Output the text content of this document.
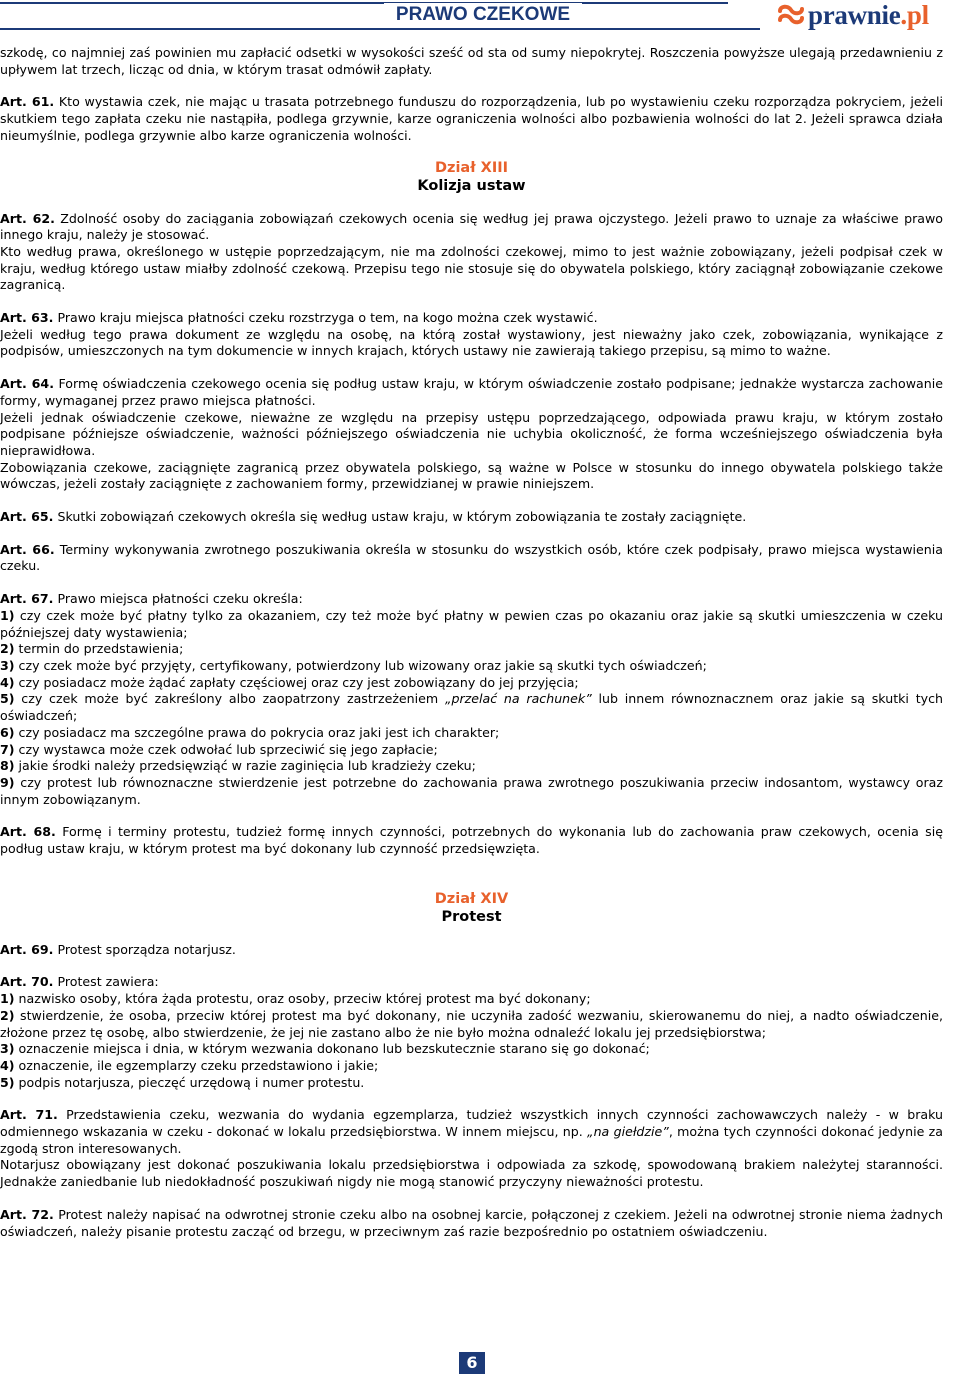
PRAWO CZEKOWE	prawnie.pl

szkodę, co najmniej zaś powinien mu zapłacić odsetki w wysokości sześć od sta od sumy niepokrytej. Roszczenia powyższe ulegają przedawnieniu z upływem lat trzech, licząc od dnia, w którym trasat odmówił zapłaty.

Art. 61. Kto wystawia czek, nie mając u trasata potrzebnego funduszu do rozporządzenia, lub po wystawieniu czeku rozporządza pokryciem, jeżeli skutkiem tego zapłata czeku nie nastąpiła, podlega grzywnie, karze ograniczenia wolności albo pozbawienia wolności do lat 2. Jeżeli sprawca działa nieumyślnie, podlega grzywnie albo karze ograniczenia wolności.

Dział XIII
Kolizja ustaw

Art. 62. Zdolność osoby do zaciągania zobowiązań czekowych ocenia się według jej prawa ojczystego. Jeżeli prawo to uznaje za właściwe prawo innego kraju, należy je stosować.

Kto według prawa, określonego w ustępie poprzedzającym, nie ma zdolności czekowej, mimo to jest ważnie zobowiązany, jeżeli podpisał czek w kraju, według którego ustaw miałby zdolność czekową. Przepisu tego nie stosuje się do obywatela polskiego, który zaciągnął zobowiązanie czekowe zagranicą.

Art. 63. Prawo kraju miejsca płatności czeku rozstrzyga o tem, na kogo można czek wystawić.

Jeżeli według tego prawa dokument ze względu na osobę, na którą został wystawiony, jest nieważny jako czek, zobowiązania, wynikające z podpisów, umieszczonych na tym dokumencie w innych krajach, których ustawy nie zawierają takiego przepisu, są mimo to ważne.

Art. 64. Formę oświadczenia czekowego ocenia się podług ustaw kraju, w którym oświadczenie zostało podpisane; jednakże wystarcza zachowanie formy, wymaganej przez prawo miejsca płatności.

Jeżeli jednak oświadczenie czekowe, nieważne ze względu na przepisy ustępu poprzedzającego, odpowiada prawu kraju, w którym zostało podpisane późniejsze oświadczenie, ważności późniejszego oświadczenia nie uchybia okoliczność, że forma wcześniejszego oświadczenia była nieprawidłowa.

Zobowiązania czekowe, zaciągnięte zagranicą przez obywatela polskiego, są ważne w Polsce w stosunku do innego obywatela polskiego także wówczas, jeżeli zostały zaciągnięte z zachowaniem formy, przewidzianej w prawie niniejszem.

Art. 65. Skutki zobowiązań czekowych określa się według ustaw kraju, w którym zobowiązania te zostały zaciągnięte.

Art. 66. Terminy wykonywania zwrotnego poszukiwania określa w stosunku do wszystkich osób, które czek podpisały, prawo miejsca wystawienia czeku.

Art. 67. Prawo miejsca płatności czeku określa:

1) czy czek może być płatny tylko za okazaniem, czy też może być płatny w pewien czas po okazaniu oraz jakie są skutki umieszczenia w czeku późniejszej daty wystawienia;

2) termin do przedstawienia;

3) czy czek może być przyjęty, certyfikowany, potwierdzony lub wizowany oraz jakie są skutki tych oświadczeń;

4) czy posiadacz może żądać zapłaty częściowej oraz czy jest zobowiązany do jej przyjęcia;

5) czy czek może być zakreślony albo zaopatrzony zastrzeżeniem „przelać na rachunek” lub innem równoznacznem oraz jakie są skutki tych oświadczeń;

6) czy posiadacz ma szczególne prawa do pokrycia oraz jaki jest ich charakter;

7) czy wystawca może czek odwołać lub sprzeciwić się jego zapłacie;

8) jakie środki należy przedsięwziąć w razie zaginięcia lub kradzieży czeku;

9) czy protest lub równoznaczne stwierdzenie jest potrzebne do zachowania prawa zwrotnego poszukiwania przeciw indosantom, wystawcy oraz innym zobowiązanym.

Art. 68. Formę i terminy protestu, tudzież formę innych czynności, potrzebnych do wykonania lub do zachowania praw czekowych, ocenia się podług ustaw kraju, w którym protest ma być dokonany lub czynność przedsięwzięta.

Dział XIV
Protest

Art. 69. Protest sporządza notarjusz.

Art. 70. Protest zawiera:

1) nazwisko osoby, która żąda protestu, oraz osoby, przeciw której protest ma być dokonany;

2) stwierdzenie, że osoba, przeciw której protest ma być dokonany, nie uczyniła zadość wezwaniu, skierowanemu do niej, a nadto oświadczenie, złożone przez tę osobę, albo stwierdzenie, że jej nie zastano albo że nie było można odnaleźć lokalu jej przedsiębiorstwa;

3) oznaczenie miejsca i dnia, w którym wezwania dokonano lub bezskutecznie starano się go dokonać;

4) oznaczenie, ile egzemplarzy czeku przedstawiono i jakie;

5) podpis notarjusza, pieczęć urzędową i numer protestu.

Art. 71. Przedstawienia czeku, wezwania do wydania egzemplarza, tudzież wszystkich innych czynności zachowawczych należy - w braku odmiennego wskazania w czeku - dokonać w lokalu przedsiębiorstwa. W innem miejscu, np. „na giełdzie”, można tych czynności dokonać jedynie za zgodą stron interesowanych.

Notarjusz obowiązany jest dokonać poszukiwania lokalu przedsiębiorstwa i odpowiada za szkodę, spowodowaną brakiem należytej staranności. Jednakże zaniedbanie lub niedokładność poszukiwań nigdy nie mogą stanowić przyczyny nieważności protestu.

Art. 72. Protest należy napisać na odwrotnej stronie czeku albo na osobnej karcie, połączonej z czekiem. Jeżeli na odwrotnej stronie niema żadnych oświadczeń, należy pisanie protestu zacząć od brzegu, w przeciwnym zaś razie bezpośrednio po ostatniem oświadczeniu.

6
